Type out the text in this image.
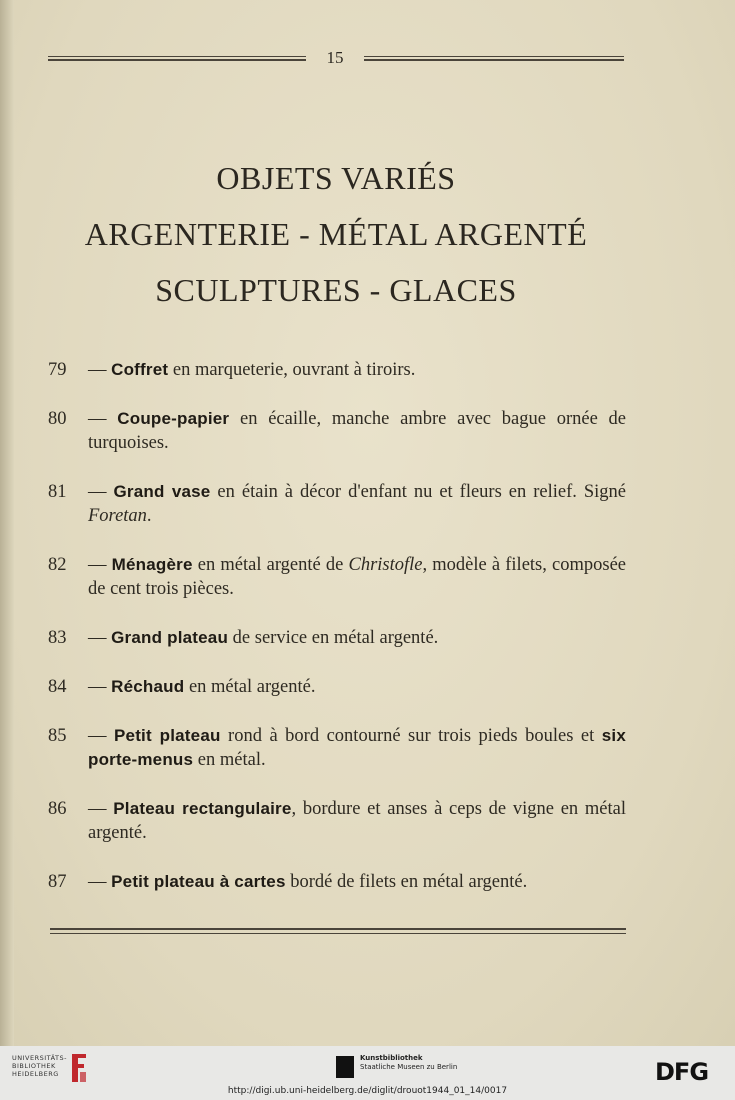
15
OBJETS VARIÉS
ARGENTERIE - MÉTAL ARGENTÉ
SCULPTURES - GLACES
79 — Coffret en marqueterie, ouvrant à tiroirs.
80 — Coupe-papier en écaille, manche ambre avec bague ornée de turquoises.
81 — Grand vase en étain à décor d'enfant nu et fleurs en relief. Signé Foretan.
82 — Ménagère en métal argenté de Christofle, modèle à filets, composée de cent trois pièces.
83 — Grand plateau de service en métal argenté.
84 — Réchaud en métal argenté.
85 — Petit plateau rond à bord contourné sur trois pieds boules et six porte-menus en métal.
86 — Plateau rectangulaire, bordure et anses à ceps de vigne en métal argenté.
87 — Petit plateau à cartes bordé de filets en métal argenté.
UNIVERSITÄTS-
BIBLIOTHEK
HEIDELBERG
Kunstbibliothek
Staatliche Museen zu Berlin	DFG
http://digi.ub.uni-heidelberg.de/diglit/drouot1944_01_14/0017
